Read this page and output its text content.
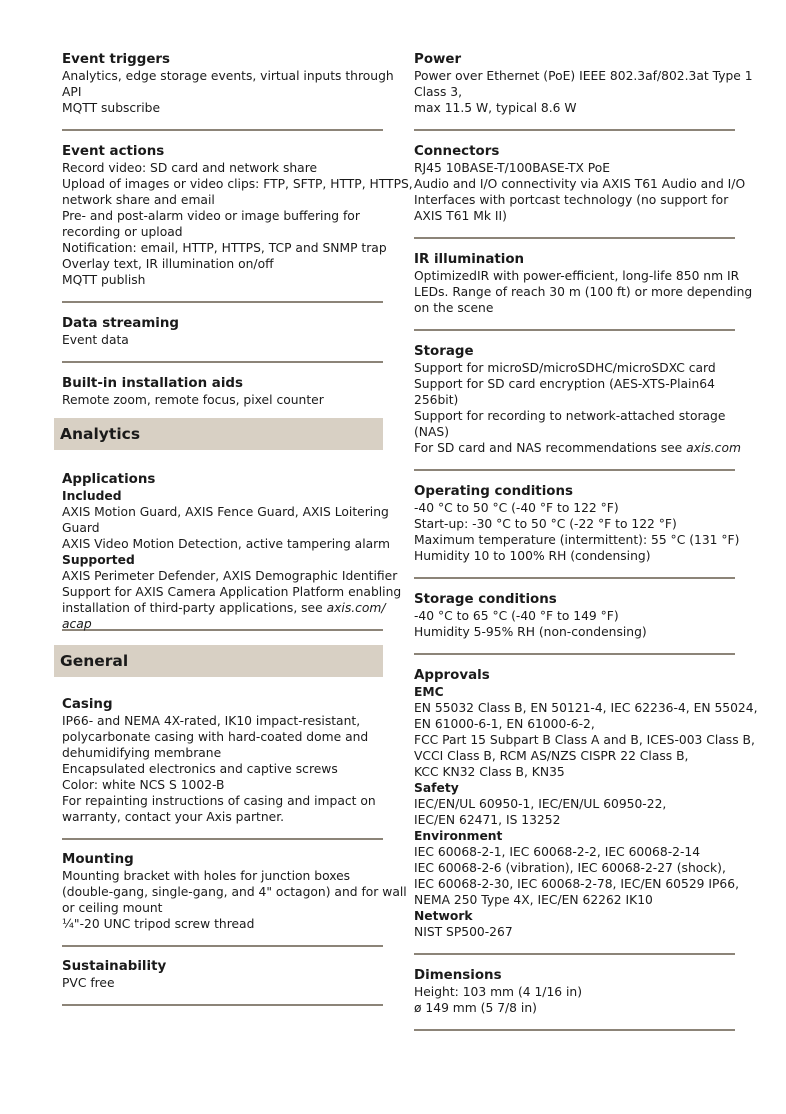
Event triggers
Analytics, edge storage events, virtual inputs through
API
MQTT subscribe
Event actions
Record video: SD card and network share
Upload of images or video clips: FTP, SFTP, HTTP, HTTPS,
network share and email
Pre- and post-alarm video or image buffering for
recording or upload
Notification: email, HTTP, HTTPS, TCP and SNMP trap
Overlay text, IR illumination on/off
MQTT publish
Data streaming
Event data
Built-in installation aids
Remote zoom, remote focus, pixel counter
Analytics
Applications
Included
AXIS Motion Guard, AXIS Fence Guard, AXIS Loitering
Guard
AXIS Video Motion Detection, active tampering alarm
Supported
AXIS Perimeter Defender, AXIS Demographic Identifier
Support for AXIS Camera Application Platform enabling
installation of third-party applications, see axis.com/
acap
General
Casing
IP66- and NEMA 4X-rated, IK10 impact-resistant,
polycarbonate casing with hard-coated dome and
dehumidifying membrane
Encapsulated electronics and captive screws
Color: white NCS S 1002-B
For repainting instructions of casing and impact on
warranty, contact your Axis partner.
Mounting
Mounting bracket with holes for junction boxes
(double-gang, single-gang, and 4" octagon) and for wall
or ceiling mount
¼"-20 UNC tripod screw thread
Sustainability
PVC free
Power
Power over Ethernet (PoE) IEEE 802.3af/802.3at Type 1
Class 3,
max 11.5 W, typical 8.6 W
Connectors
RJ45 10BASE-T/100BASE-TX PoE
Audio and I/O connectivity via AXIS T61 Audio and I/O
Interfaces with portcast technology (no support for
AXIS T61 Mk II)
IR illumination
OptimizedIR with power-efficient, long-life 850 nm IR
LEDs. Range of reach 30 m (100 ft) or more depending
on the scene
Storage
Support for microSD/microSDHC/microSDXC card
Support for SD card encryption (AES-XTS-Plain64
256bit)
Support for recording to network-attached storage
(NAS)
For SD card and NAS recommendations see axis.com
Operating conditions
-40 °C to 50 °C (-40 °F to 122 °F)
Start-up: -30 °C to 50 °C (-22 °F to 122 °F)
Maximum temperature (intermittent): 55 °C (131 °F)
Humidity 10 to 100% RH (condensing)
Storage conditions
-40 °C to 65 °C (-40 °F to 149 °F)
Humidity 5-95% RH (non-condensing)
Approvals
EMC
EN 55032 Class B, EN 50121-4, IEC 62236-4, EN 55024,
EN 61000-6-1, EN 61000-6-2,
FCC Part 15 Subpart B Class A and B, ICES-003 Class B,
VCCI Class B, RCM AS/NZS CISPR 22 Class B,
KCC KN32 Class B, KN35
Safety
IEC/EN/UL 60950-1, IEC/EN/UL 60950-22,
IEC/EN 62471, IS 13252
Environment
IEC 60068-2-1, IEC 60068-2-2, IEC 60068-2-14
IEC 60068-2-6 (vibration), IEC 60068-2-27 (shock),
IEC 60068-2-30, IEC 60068-2-78, IEC/EN 60529 IP66,
NEMA 250 Type 4X, IEC/EN 62262 IK10
Network
NIST SP500-267
Dimensions
Height: 103 mm (4 1/16 in)
ø 149 mm (5 7/8 in)
